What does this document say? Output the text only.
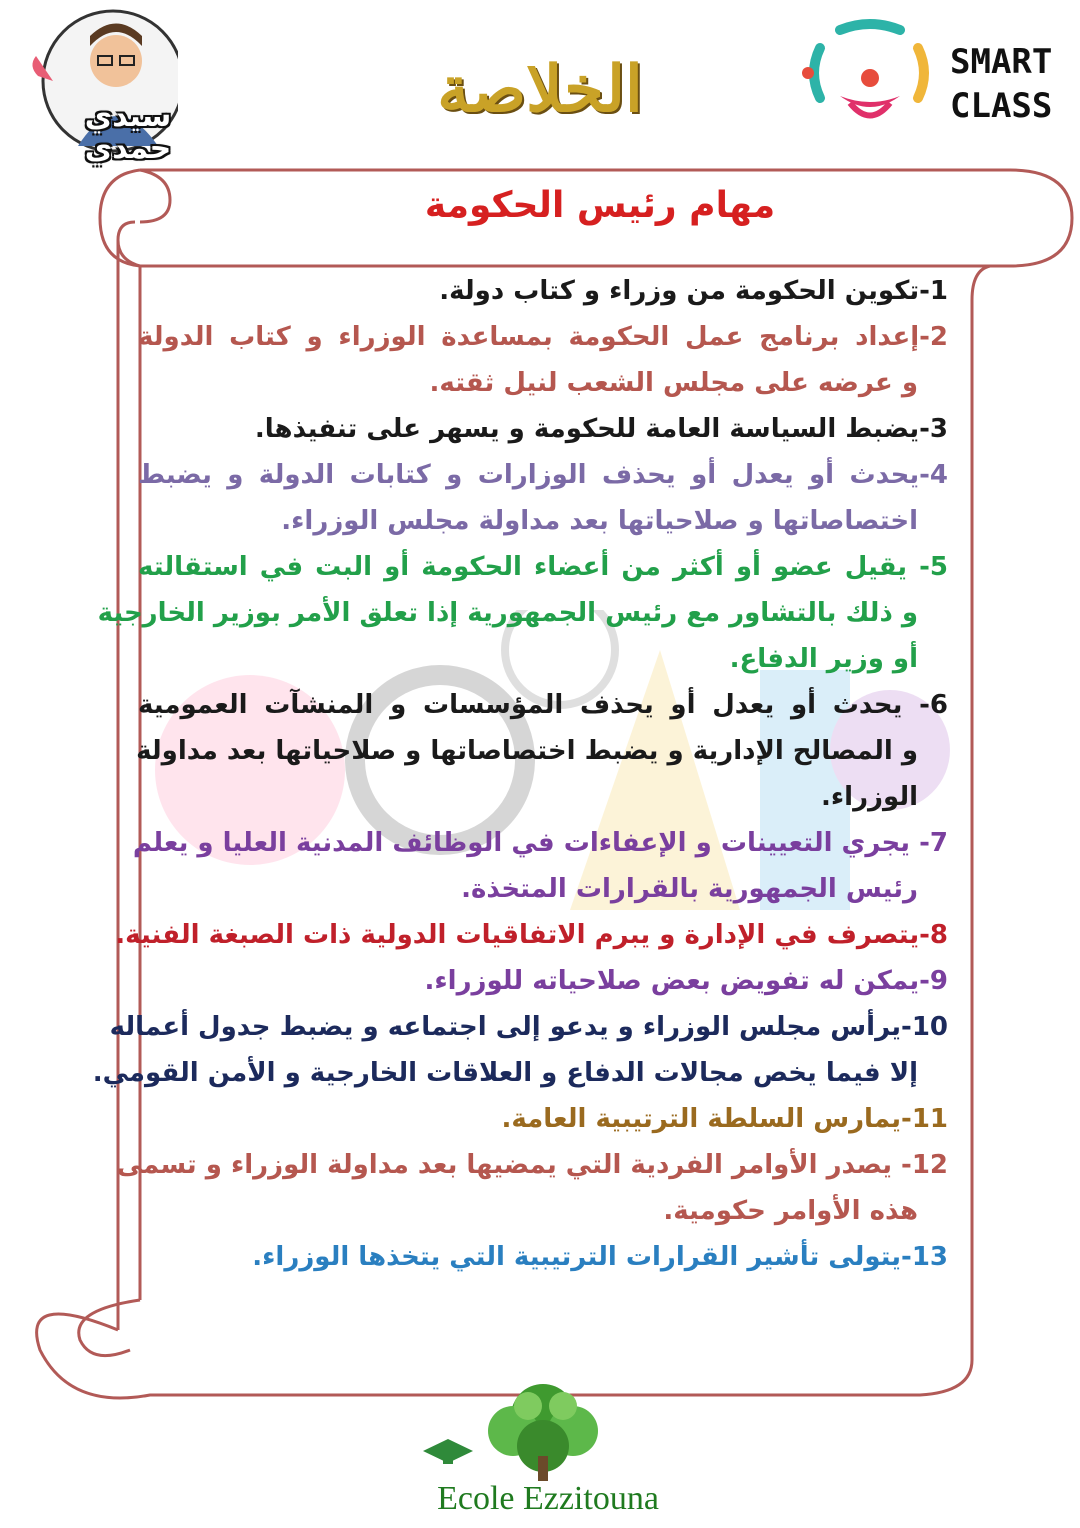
سيدي
حمدي
الخلاصة	SMART
CLASS
مهام رئيس الحكومة
1-تكوين الحكومة من وزراء و كتاب دولة.
2-إعداد برنامج عمل الحكومة بمساعدة الوزراء و كتاب الدولة
و عرضه على مجلس الشعب لنيل ثقته.
3-يضبط السياسة العامة للحكومة و يسهر على تنفيذها.
4-يحدث أو يعدل أو يحذف الوزارات و كتابات الدولة و يضبط
اختصاصاتها و صلاحياتها بعد مداولة مجلس الوزراء.
5- يقيل عضو أو أكثر من أعضاء الحكومة أو البت في استقالته
و ذلك بالتشاور مع رئيس الجمهورية إذا تعلق الأمر بوزير الخارجية
أو وزير الدفاع.
6- يحدث أو يعدل أو يحذف المؤسسات و المنشآت العمومية
و المصالح الإدارية و يضبط اختصاصاتها و صلاحياتها بعد مداولة
الوزراء.
7- يجري التعيينات و الإعفاءات في الوظائف المدنية العليا و يعلم
رئيس الجمهورية بالقرارات المتخذة.
8-يتصرف في الإدارة و يبرم الاتفاقيات الدولية ذات الصبغة الفنية.
9-يمكن له تفويض بعض صلاحياته للوزراء.
10-يرأس مجلس الوزراء و يدعو إلى اجتماعه و يضبط جدول أعماله
إلا فيما يخص مجالات الدفاع و العلاقات الخارجية و الأمن القومي.
11-يمارس السلطة الترتيبية العامة.
12- يصدر الأوامر الفردية التي يمضيها بعد مداولة الوزراء و تسمى
هذه الأوامر حكومية.
13-يتولى تأشير القرارات الترتيبية التي يتخذها الوزراء.
Ecole Ezzitouna
